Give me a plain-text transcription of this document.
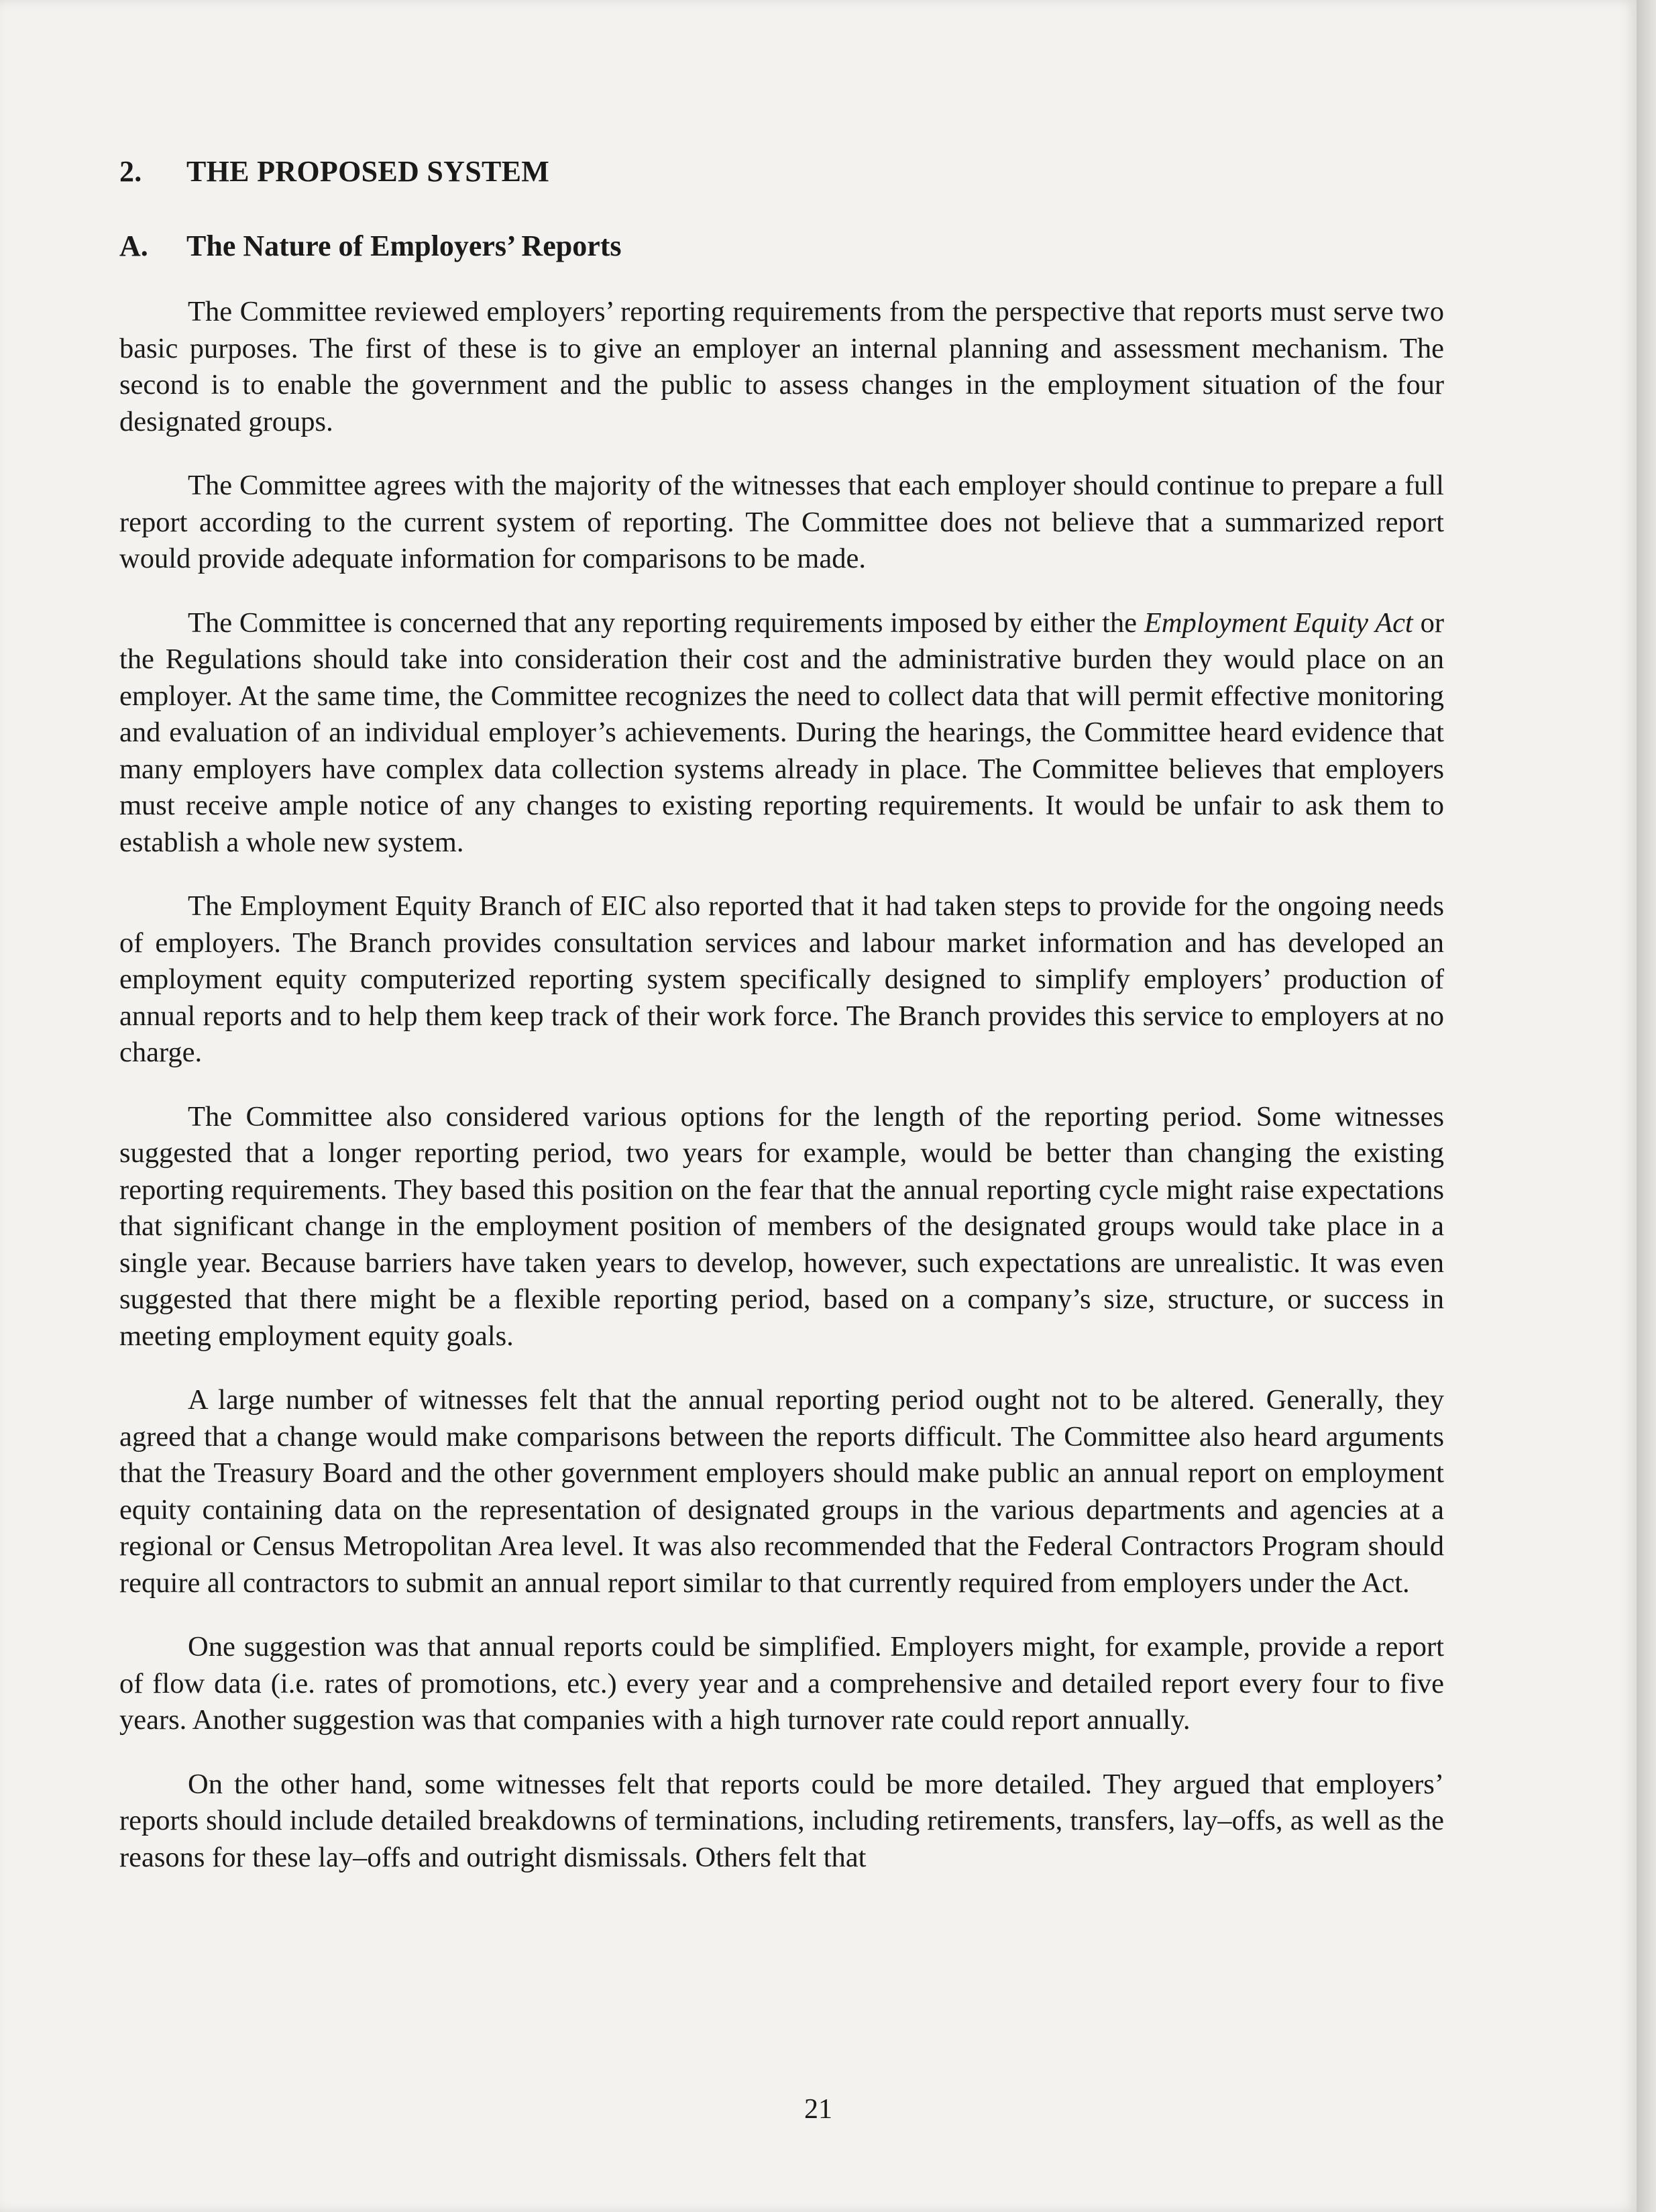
2. THE PROPOSED SYSTEM
A. The Nature of Employers’ Reports

The Committee reviewed employers’ reporting requirements from the perspective that reports must serve two basic purposes. The first of these is to give an employer an internal planning and assessment mechanism. The second is to enable the government and the public to assess changes in the employment situation of the four designated groups.

The Committee agrees with the majority of the witnesses that each employer should continue to prepare a full report according to the current system of reporting. The Committee does not believe that a summarized report would provide adequate information for comparisons to be made.

The Committee is concerned that any reporting requirements imposed by either the Employment Equity Act or the Regulations should take into consideration their cost and the administrative burden they would place on an employer. At the same time, the Committee recognizes the need to collect data that will permit effective monitoring and evaluation of an individual employer’s achievements. During the hearings, the Committee heard evidence that many employers have complex data collection systems already in place. The Committee believes that employers must receive ample notice of any changes to existing reporting requirements. It would be unfair to ask them to establish a whole new system.

The Employment Equity Branch of EIC also reported that it had taken steps to provide for the ongoing needs of employers. The Branch provides consultation services and labour market information and has developed an employment equity computerized reporting system specifically designed to simplify employers’ production of annual reports and to help them keep track of their work force. The Branch provides this service to employers at no charge.

The Committee also considered various options for the length of the reporting period. Some witnesses suggested that a longer reporting period, two years for example, would be better than changing the existing reporting requirements. They based this position on the fear that the annual reporting cycle might raise expectations that significant change in the employment position of members of the designated groups would take place in a single year. Because barriers have taken years to develop, however, such expectations are unrealistic. It was even suggested that there might be a flexible reporting period, based on a company’s size, structure, or success in meeting employment equity goals.

A large number of witnesses felt that the annual reporting period ought not to be altered. Generally, they agreed that a change would make comparisons between the reports difficult. The Committee also heard arguments that the Treasury Board and the other government employers should make public an annual report on employment equity containing data on the representation of designated groups in the various departments and agencies at a regional or Census Metropolitan Area level. It was also recommended that the Federal Contractors Program should require all contractors to submit an annual report similar to that currently required from employers under the Act.

One suggestion was that annual reports could be simplified. Employers might, for example, provide a report of flow data (i.e. rates of promotions, etc.) every year and a comprehensive and detailed report every four to five years. Another suggestion was that companies with a high turnover rate could report annually.

On the other hand, some witnesses felt that reports could be more detailed. They argued that employers’ reports should include detailed breakdowns of terminations, including retirements, transfers, lay–offs, as well as the reasons for these lay–offs and outright dismissals. Others felt that

21
